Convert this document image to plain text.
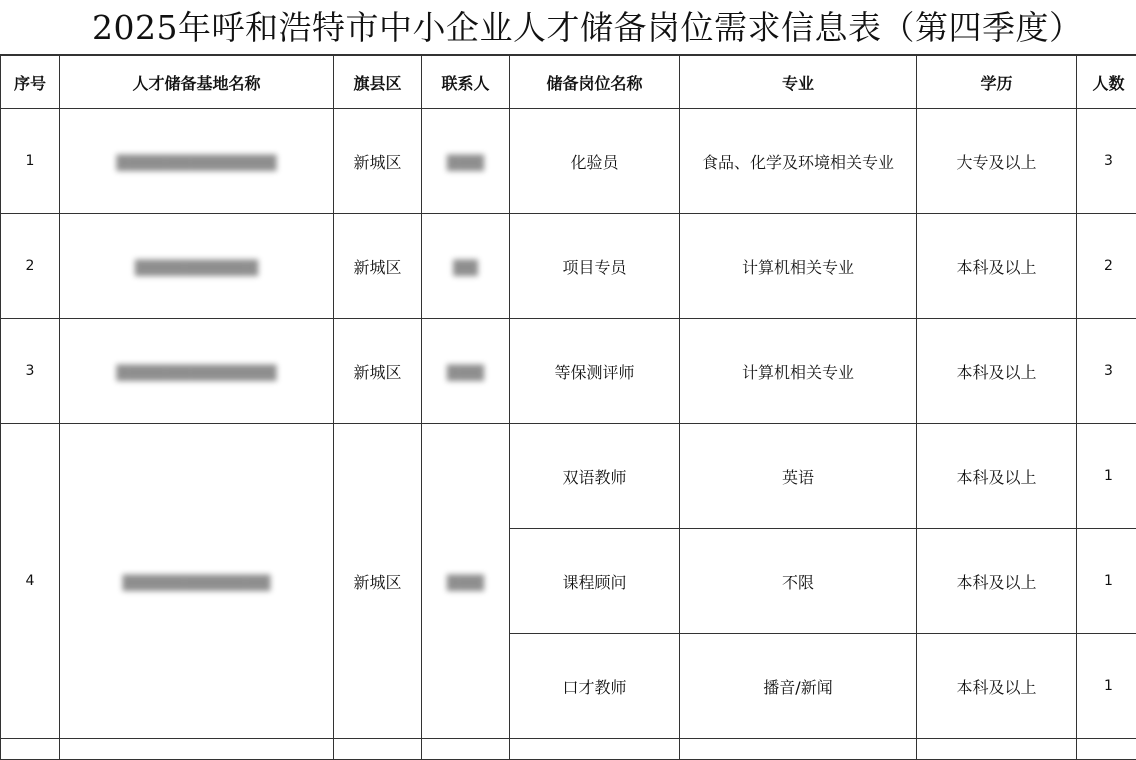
2025年呼和浩特市中小企业人才储备岗位需求信息表（第四季度）
序号	人才储备基地名称	旗县区	联系人	储备岗位名称	专业	学历	人数
1	▇▇▇▇▇▇▇▇▇▇▇▇▇	新城区	▇▇▇	化验员	食品、化学及环境相关专业	大专及以上	3
2	▇▇▇▇▇▇▇▇▇▇	新城区	▇▇	项目专员	计算机相关专业	本科及以上	2
3	▇▇▇▇▇▇▇▇▇▇▇▇▇	新城区	▇▇▇	等保测评师	计算机相关专业	本科及以上	3
4	▇▇▇▇▇▇▇▇▇▇▇▇	新城区	▇▇▇	双语教师	英语	本科及以上	1
				课程顾问	不限	本科及以上	1
				口才教师	播音/新闻	本科及以上	1
